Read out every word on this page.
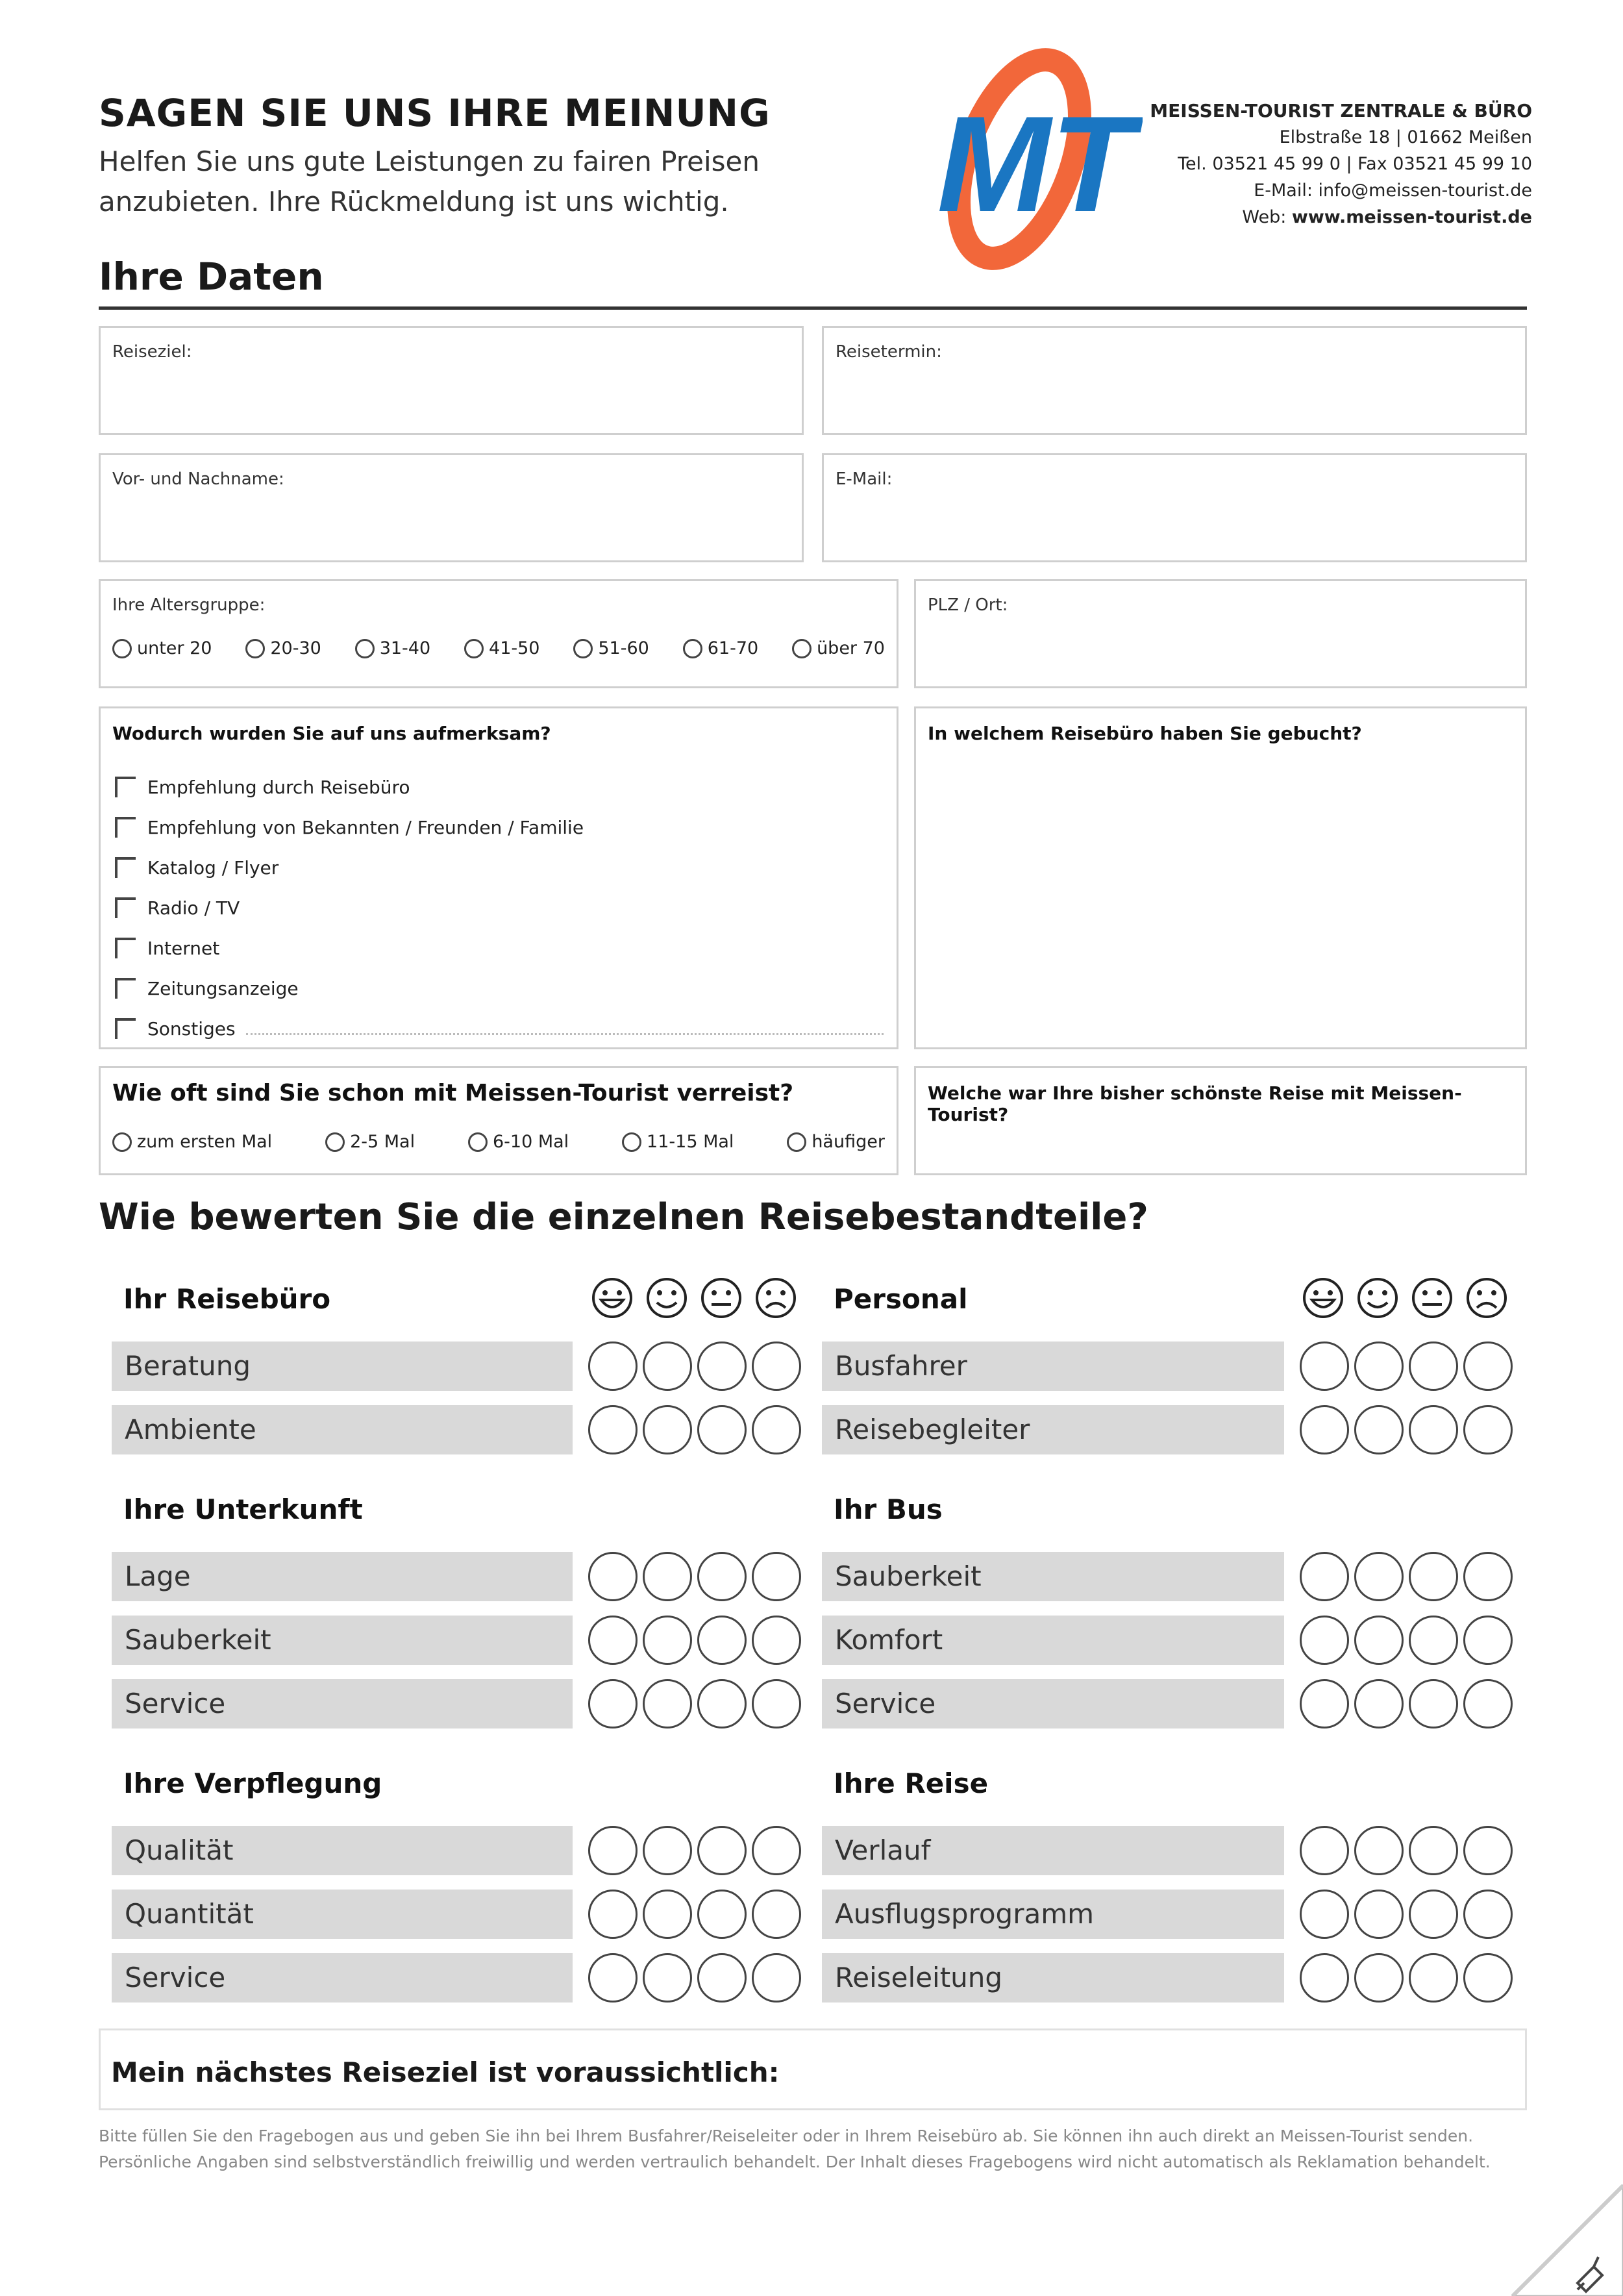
SAGEN SIE UNS IHRE MEINUNG
Helfen Sie uns gute Leistungen zu fairen Preisen
anzubieten. Ihre Rückmeldung ist uns wichtig.	MT MEISSEN-TOURIST ZENTRALE & BÜRO
Elbstraße 18 | 01662 Meißen
Tel. 03521 45 99 0 | Fax 03521 45 99 10
E-Mail: info@meissen-tourist.de
Web: www.meissen-tourist.de
Ihre Daten
Reiseziel:	Reisetermin:
Vor- und Nachname:	E-Mail:
Ihre Altersgruppe:
unter 20	20-30	31-40	41-50	51-60	61-70	über 70
PLZ / Ort:
Wodurch wurden Sie auf uns aufmerksam?
Empfehlung durch Reisebüro
Empfehlung von Bekannten / Freunden / Familie
Katalog / Flyer
Radio / TV
Internet
Zeitungsanzeige
Sonstiges
In welchem Reisebüro haben Sie gebucht?
Wie oft sind Sie schon mit Meissen-Tourist verreist?
zum ersten Mal	2-5 Mal	6-10 Mal	11-15 Mal	häufiger
Welche war Ihre bisher schönste Reise mit Meissen-Tourist?
Wie bewerten Sie die einzelnen Reisebestandteile?
Ihr Reisebüro	Personal
Beratung	Busfahrer
Ambiente	Reisebegleiter
Ihre Unterkunft	Ihr Bus
Lage	Sauberkeit
Sauberkeit	Komfort
Service	Service
Ihre Verpflegung	Ihre Reise
Qualität	Verlauf
Quantität	Ausflugsprogramm
Service	Reiseleitung
Mein nächstes Reiseziel ist voraussichtlich:
Bitte füllen Sie den Fragebogen aus und geben Sie ihn bei Ihrem Busfahrer/Reiseleiter oder in Ihrem Reisebüro ab. Sie können ihn auch direkt an Meissen-Tourist senden. Persönliche Angaben sind selbstverständlich freiwillig und werden vertraulich behandelt. Der Inhalt dieses Fragebogens wird nicht automatisch als Reklamation behandelt.
